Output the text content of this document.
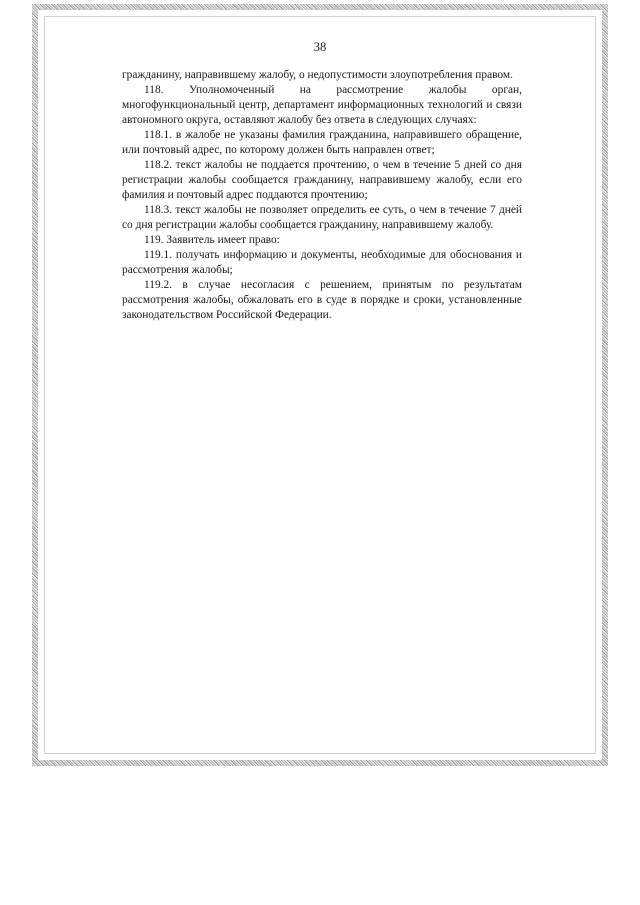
38

гражданину, направившему жалобу, о недопустимости злоупотребления правом.

118. Уполномоченный на рассмотрение жалобы орган, многофункциональный центр, департамент информационных технологий и связи автономного округа, оставляют жалобу без ответа в следующих случаях:

118.1. в жалобе не указаны фамилия гражданина, направившего обращение, или почтовый адрес, по которому должен быть направлен ответ;

118.2. текст жалобы не поддается прочтению, о чем в течение 5 дней со дня регистрации жалобы сообщается гражданину, направившему жалобу, если его фамилия и почтовый адрес поддаются прочтению;

118.3. текст жалобы не позволяет определить ее суть, о чем в течение 7 дней со дня регистрации жалобы сообщается гражданину, направившему жалобу.

119. Заявитель имеет право:

119.1. получать информацию и документы, необходимые для обоснования и рассмотрения жалобы;

119.2. в случае несогласия с решением, принятым по результатам рассмотрения жалобы, обжаловать его в суде в порядке и сроки, установленные законодательством Российской Федерации.
